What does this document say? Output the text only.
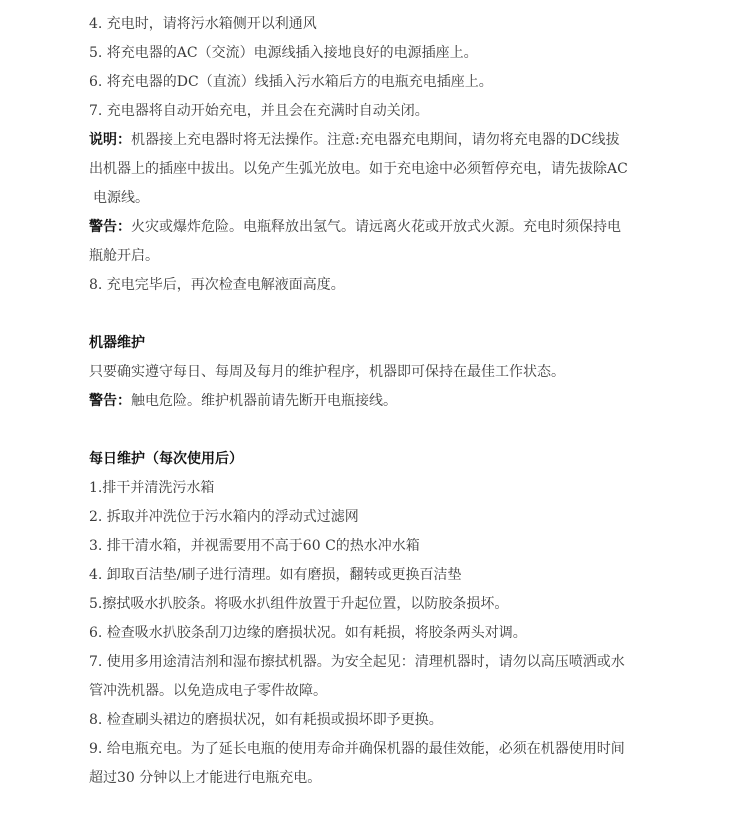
4. 充电时，请将污水箱侧开以利通风
5. 将充电器的AC（交流）电源线插入接地良好的电源插座上。
6. 将充电器的DC（直流）线插入污水箱后方的电瓶充电插座上。
7. 充电器将自动开始充电，并且会在充满时自动关闭。
说明：机器接上充电器时将无法操作。注意:充电器充电期间，请勿将充电器的DC线拔
出机器上的插座中拔出。以免产生弧光放电。如于充电途中必须暂停充电，请先拔除AC
电源线。
警告：火灾或爆炸危险。电瓶释放出氢气。请远离火花或开放式火源。充电时须保持电
瓶舱开启。
8. 充电完毕后，再次检查电解液面高度。
机器维护
只要确实遵守每日、每周及每月的维护程序，机器即可保持在最佳工作状态。
警告：触电危险。维护机器前请先断开电瓶接线。
每日维护（每次使用后）
1.排干并清洗污水箱
2. 拆取并冲洗位于污水箱内的浮动式过滤网
3. 排干清水箱，并视需要用不高于60 C的热水冲水箱
4. 卸取百洁垫/刷子进行清理。如有磨损，翻转或更换百洁垫
5.擦拭吸水扒胶条。将吸水扒组件放置于升起位置，以防胶条损坏。
6. 检查吸水扒胶条刮刀边缘的磨损状况。如有耗损，将胶条两头对调。
7. 使用多用途清洁剂和湿布擦拭机器。为安全起见：清理机器时，请勿以高压喷洒或水
管冲洗机器。以免造成电子零件故障。
8. 检查刷头裙边的磨损状况，如有耗损或损坏即予更换。
9. 给电瓶充电。为了延长电瓶的使用寿命并确保机器的最佳效能，必须在机器使用时间
超过30 分钟以上才能进行电瓶充电。
